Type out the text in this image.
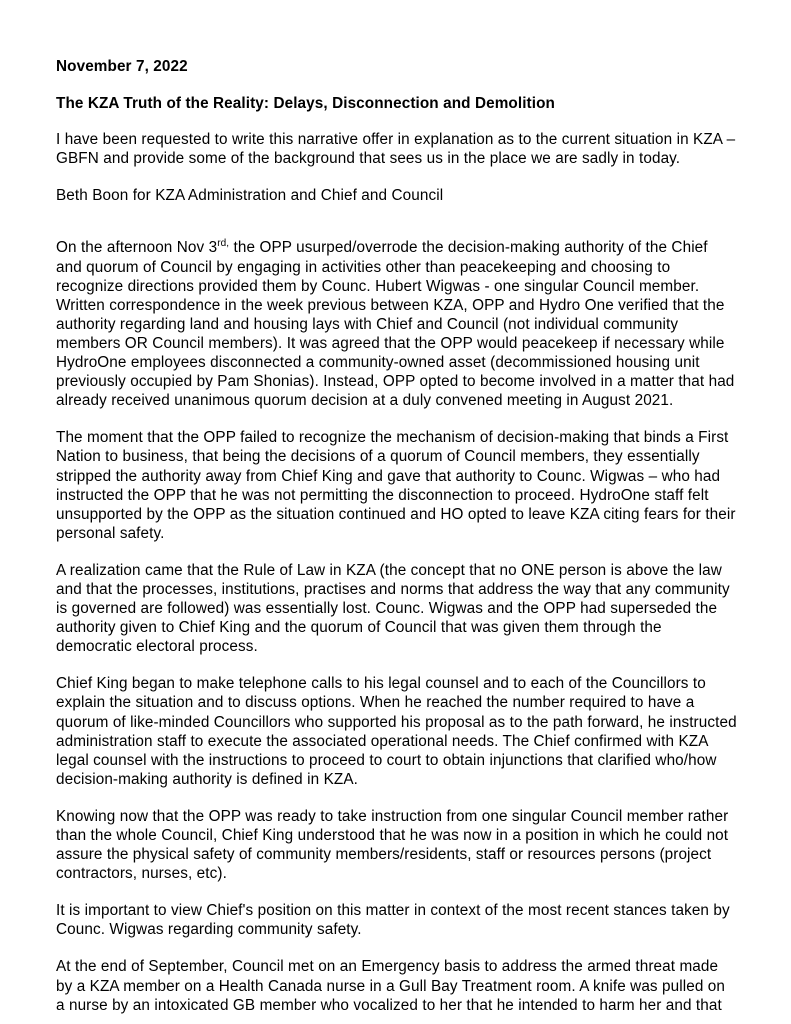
November 7, 2022

The KZA Truth of the Reality: Delays, Disconnection and Demolition

I have been requested to write this narrative offer in explanation as to the current situation in KZA – GBFN and provide some of the background that sees us in the place we are sadly in today.

Beth Boon for KZA Administration and Chief and Council

On the afternoon Nov $3^{rd,}$ the OPP usurped/overrode the decision-making authority of the Chief and quorum of Council by engaging in activities other than peacekeeping and choosing to recognize directions provided them by Counc. Hubert Wigwas - one singular Council member. Written correspondence in the week previous between KZA, OPP and Hydro One verified that the authority regarding land and housing lays with Chief and Council (not individual community members OR Council members). It was agreed that the OPP would peacekeep if necessary while HydroOne employees disconnected a community-owned asset (decommissioned housing unit previously occupied by Pam Shonias). Instead, OPP opted to become involved in a matter that had already received unanimous quorum decision at a duly convened meeting in August 2021.

The moment that the OPP failed to recognize the mechanism of decision-making that binds a First Nation to business, that being the decisions of a quorum of Council members, they essentially stripped the authority away from Chief King and gave that authority to Counc. Wigwas – who had instructed the OPP that he was not permitting the disconnection to proceed. HydroOne staff felt unsupported by the OPP as the situation continued and HO opted to leave KZA citing fears for their personal safety.

A realization came that the Rule of Law in KZA (the concept that no ONE person is above the law and that the processes, institutions, practises and norms that address the way that any community is governed are followed) was essentially lost. Counc. Wigwas and the OPP had superseded the authority given to Chief King and the quorum of Council that was given them through the democratic electoral process.

Chief King began to make telephone calls to his legal counsel and to each of the Councillors to explain the situation and to discuss options. When he reached the number required to have a quorum of like-minded Councillors who supported his proposal as to the path forward, he instructed administration staff to execute the associated operational needs. The Chief confirmed with KZA legal counsel with the instructions to proceed to court to obtain injunctions that clarified who/how decision-making authority is defined in KZA.

Knowing now that the OPP was ready to take instruction from one singular Council member rather than the whole Council, Chief King understood that he was now in a position in which he could not assure the physical safety of community members/residents, staff or resources persons (project contractors, nurses, etc).

It is important to view Chief's position on this matter in context of the most recent stances taken by Counc. Wigwas regarding community safety.

At the end of September, Council met on an Emergency basis to address the armed threat made by a KZA member on a Health Canada nurse in a Gull Bay Treatment room. A knife was pulled on a nurse by an intoxicated GB member who vocalized to her that he intended to harm her and that
